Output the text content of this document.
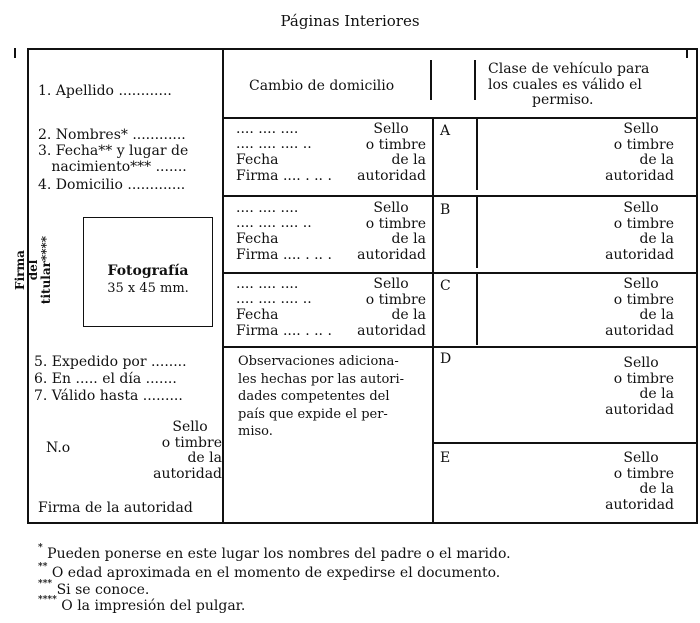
Páginas Interiores
1. Apellido ............
2. Nombres* ............
3. Fecha** y lugar de
nacimiento*** .......
4. Domicilio .............
Firma del titular****	Fotografía
35 x 45 mm.
5. Expedido por ........
6. En ..... el día .......
7. Válido hasta .........
N.o
Sello
o timbre
de la
autoridad
Firma de la autoridad
Cambio de domicilio
.... .... ....
.... .... .... ..
Fecha
Firma .... . .. .
Sello
o timbre
de la
autoridad
.... .... ....
.... .... .... ..
Fecha
Firma .... . .. .
Sello
o timbre
de la
autoridad
.... .... ....
.... .... .... ..
Fecha
Firma .... . .. .
Sello
o timbre
de la
autoridad
Observaciones adiciona-
les hechas por las autori-
dades competentes del
país que expide el per-
miso.
Clase de vehículo para
los cuales es válido el
permiso.
A
B
C
D
E
Sello
o timbre
de la
autoridad
Sello
o timbre
de la
autoridad
Sello
o timbre
de la
autoridad
Sello
o timbre
de la
autoridad
Sello
o timbre
de la
autoridad
* Pueden ponerse en este lugar los nombres del padre o el marido.
** O edad aproximada en el momento de expedirse el documento.
*** Si se conoce.
**** O la impresión del pulgar.
